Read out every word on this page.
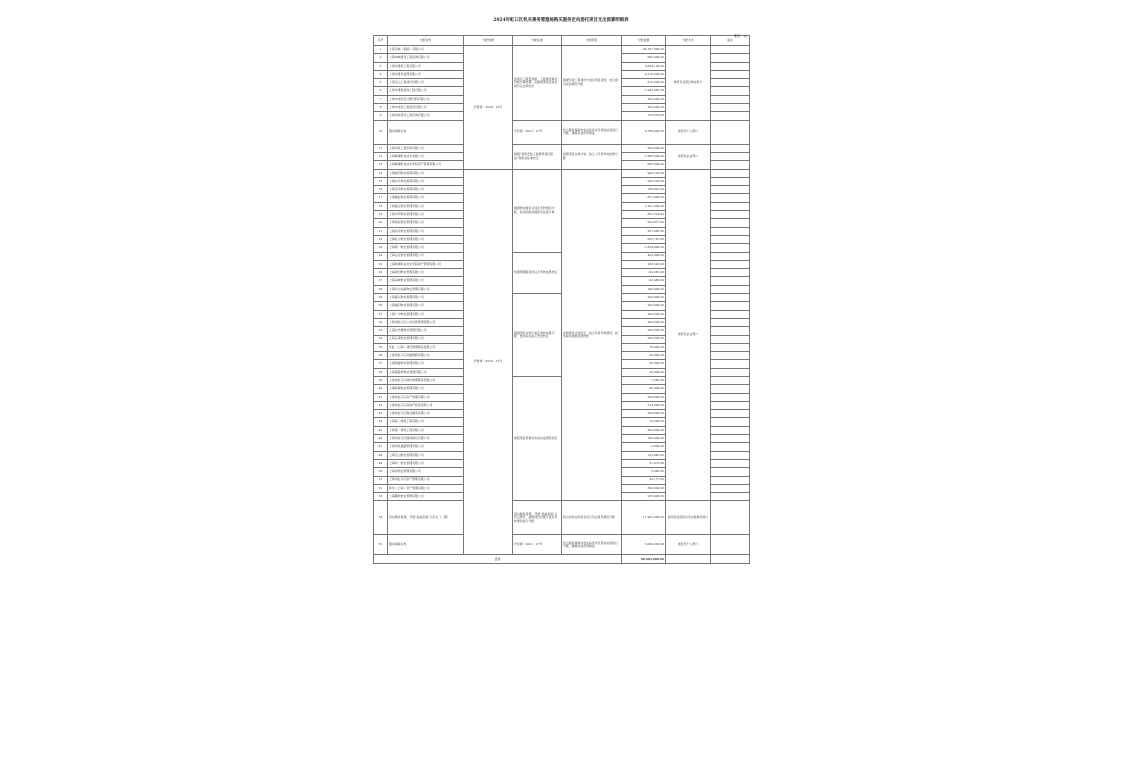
2024年虹口区机关事务管理局购买服务定向委托项目支出预算明细表
单位：元
序号	分配对象	分配依据	分配标准	分配原则	分配金额	分配方式	备注
1	上海宝城（集团）有限公司	沪财建〔2024〕22号	按项目工程量清单，工程建设单位价格计算结算，扣除质保金后按合同约定比例支付	根据年度工程建设计划及项目进度，结合项目实际情况分配	46,187,000.00	转账至各项目单位账户	
2	上海申城建设工程咨询有限公司				600,000.00		
3	上海市建筑工程有限公司				3,654,100.00		
4	上海市建设监理有限公司				2,310,000.00		
5	上海宝山工程建设有限公司				810,000.00		
6	上海市建筑装饰工程有限公司				1,943,960.00		
7	上海市市政设计研究院有限公司				205,000.00		
8	上海市市政工程建设有限公司				205,000.00		
9	上海市政建设工程咨询有限公司				153,052.00		
10	服务保障对象		沪民规〔2021〕27号	结合服务保障对象实际需求及相关标准进行分配，确保资金使用效益	3,789,000.00	拨款至个人账户	
11	上海市政工程咨询有限公司		根据“建筑安装工程费用项目组成”等相关标准核定	按照项目实施计划，结合上年度考核结果分配	300,000.00	拨款至企业账户	
12	上海城建职业技术有限公司				1,886,000.00		
13	上海城建职业技术学院资产管理有限公司				665,000.00		
14	上海欧阳物业管理有限公司	沪财建〔2024〕27号	根据物业服务合同及考核情况分配，按实际服务面积及标准计算	按照服务合同约定，结合年度考核情况，按实际完成服务量核拨	909,720.00	拨款至企业账户	
15	上海东方物业管理有限公司				595,520.00		
16	上海宝华物业管理有限公司				169,825.00		
17	上海瑞虹物业管理有限公司				851,900.00		
18	上海浦江物业管理有限公司				1,291,000.00		
19	上海中环物业管理有限公司				855,514.00		
20	上海新虹物业管理有限公司				952,877.00		
21	上海恒丰物业管理有限公司				307,485.00		
22	上海虹口物业管理有限公司				655,797.00		
23	上海第一物业管理有限公司				1,854,000.00		
24	上海古北物业管理有限公司		依据管理服务协议及考核结果核定		422,000.00		
25	上海城建职业技术学院资产管理有限公司				283,500.00		
26	上海欧阳物业管理有限公司				-92,081.00		
27	上海凉城物业管理有限公司				-92,480.00		
28	上海四川北路物业管理有限公司				100,000.00		
29	上海嘉兴物业管理有限公司		根据项目实施方案及考核结果分配，按实际完成工作量核定		200,000.00		
30	上海曲阳物业管理有限公司				200,000.00		
31	上海广中物业管理有限公司				200,000.00		
32	上海市虹口区公共设施管理有限公司				200,000.00		
33	上海北外滩物业管理有限公司				200,000.00		
34	上海江湾物业管理有限公司				200,000.00		
35	华虹（上海）建设管理服务有限公司				70,000.00		
36	上海市虹口区房屋维修有限公司				50,000.00		
37	上海凯旋物业管理有限公司				50,000.00		
38	上海提篮桥物业管理有限公司				50,000.00		
39	上海市虹口区城市管理服务有限公司		按照项目预算及实际完成情况核定		1,560.00		
40	上海新港物业管理有限公司				60,000.00		
41	上海市虹口区房产管理有限公司				300,000.00		
42	上海市虹口区房地产经营有限公司				314,000.00		
43	上海市虹口区物业服务有限公司				300,000.00		
44	上海第二建筑工程有限公司				70,000.00		
45	上海第一建筑工程有限公司				300,000.00		
46	上海市虹口区园林绿化有限公司				100,000.00		
47	上海市政道路管理有限公司				-2,800.00		
48	上海宝山物业管理有限公司				125,043.00		
49	上海同一物业管理有限公司				31,072.00		
50	上海市物业管理有限公司				3,080.00		
51	上海市虹口区资产管理有限公司				30,177.00		
52	新华（上海）资产管理有限公司				300,000.00		
53	上海鹏欣物业管理有限公司				225,000.00		
54	居村服务管理，开展“美丽家园”示范点（二期）		居村服务管理，开展“美丽家园”示范点建设，按照项目实施方案及考核情况进行分配	结合居村实际需求及示范点建设情况分配	11,981,000.00	按项目进度拨付至实施单位账户	
55	服务保障对象		沪民规〔2021〕27号	结合服务保障对象实际需求及相关标准进行分配，确保资金使用效益	3,090,000.00	拨款至个人账户	
合计					98,485,088.00		
